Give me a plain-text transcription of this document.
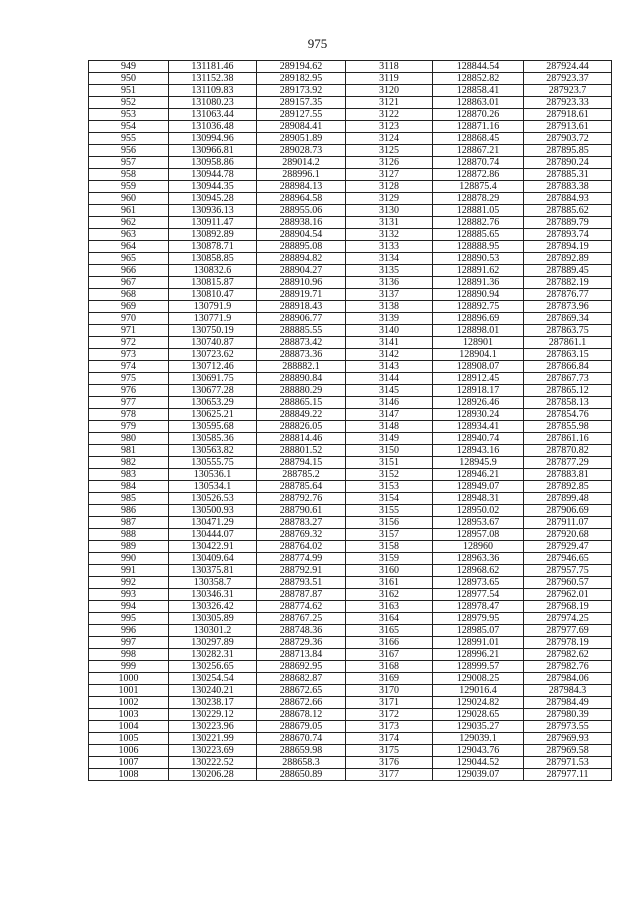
975
949	131181.46	289194.62	3118	128844.54	287924.44
950	131152.38	289182.95	3119	128852.82	287923.37
951	131109.83	289173.92	3120	128858.41	287923.7
952	131080.23	289157.35	3121	128863.01	287923.33
953	131063.44	289127.55	3122	128870.26	287918.61
954	131036.48	289084.41	3123	128871.16	287913.61
955	130994.96	289051.89	3124	128868.45	287903.72
956	130966.81	289028.73	3125	128867.21	287895.85
957	130958.86	289014.2	3126	128870.74	287890.24
958	130944.78	288996.1	3127	128872.86	287885.31
959	130944.35	288984.13	3128	128875.4	287883.38
960	130945.28	288964.58	3129	128878.29	287884.93
961	130936.13	288955.06	3130	128881.05	287885.62
962	130911.47	288938.16	3131	128882.76	287889.79
963	130892.89	288904.54	3132	128885.65	287893.74
964	130878.71	288895.08	3133	128888.95	287894.19
965	130858.85	288894.82	3134	128890.53	287892.89
966	130832.6	288904.27	3135	128891.62	287889.45
967	130815.87	288910.96	3136	128891.36	287882.19
968	130810.47	288919.71	3137	128890.94	287876.77
969	130791.9	288918.43	3138	128892.75	287873.96
970	130771.9	288906.77	3139	128896.69	287869.34
971	130750.19	288885.55	3140	128898.01	287863.75
972	130740.87	288873.42	3141	128901	287861.1
973	130723.62	288873.36	3142	128904.1	287863.15
974	130712.46	288882.1	3143	128908.07	287866.84
975	130691.75	288890.84	3144	128912.45	287867.73
976	130677.28	288880.29	3145	128918.17	287865.12
977	130653.29	288865.15	3146	128926.46	287858.13
978	130625.21	288849.22	3147	128930.24	287854.76
979	130595.68	288826.05	3148	128934.41	287855.98
980	130585.36	288814.46	3149	128940.74	287861.16
981	130563.82	288801.52	3150	128943.16	287870.82
982	130555.75	288794.15	3151	128945.9	287877.29
983	130536.1	288785.2	3152	128946.21	287883.81
984	130534.1	288785.64	3153	128949.07	287892.85
985	130526.53	288792.76	3154	128948.31	287899.48
986	130500.93	288790.61	3155	128950.02	287906.69
987	130471.29	288783.27	3156	128953.67	287911.07
988	130444.07	288769.32	3157	128957.08	287920.68
989	130422.91	288764.02	3158	128960	287929.47
990	130409.64	288774.99	3159	128963.36	287946.65
991	130375.81	288792.91	3160	128968.62	287957.75
992	130358.7	288793.51	3161	128973.65	287960.57
993	130346.31	288787.87	3162	128977.54	287962.01
994	130326.42	288774.62	3163	128978.47	287968.19
995	130305.89	288767.25	3164	128979.95	287974.25
996	130301.2	288748.36	3165	128985.07	287977.69
997	130297.89	288729.36	3166	128991.01	287978.19
998	130282.31	288713.84	3167	128996.21	287982.62
999	130256.65	288692.95	3168	128999.57	287982.76
1000	130254.54	288682.87	3169	129008.25	287984.06
1001	130240.21	288672.65	3170	129016.4	287984.3
1002	130238.17	288672.66	3171	129024.82	287984.49
1003	130229.12	288678.12	3172	129028.65	287980.39
1004	130223.96	288679.05	3173	129035.27	287973.55
1005	130221.99	288670.74	3174	129039.1	287969.93
1006	130223.69	288659.98	3175	129043.76	287969.58
1007	130222.52	288658.3	3176	129044.52	287971.53
1008	130206.28	288650.89	3177	129039.07	287977.11
